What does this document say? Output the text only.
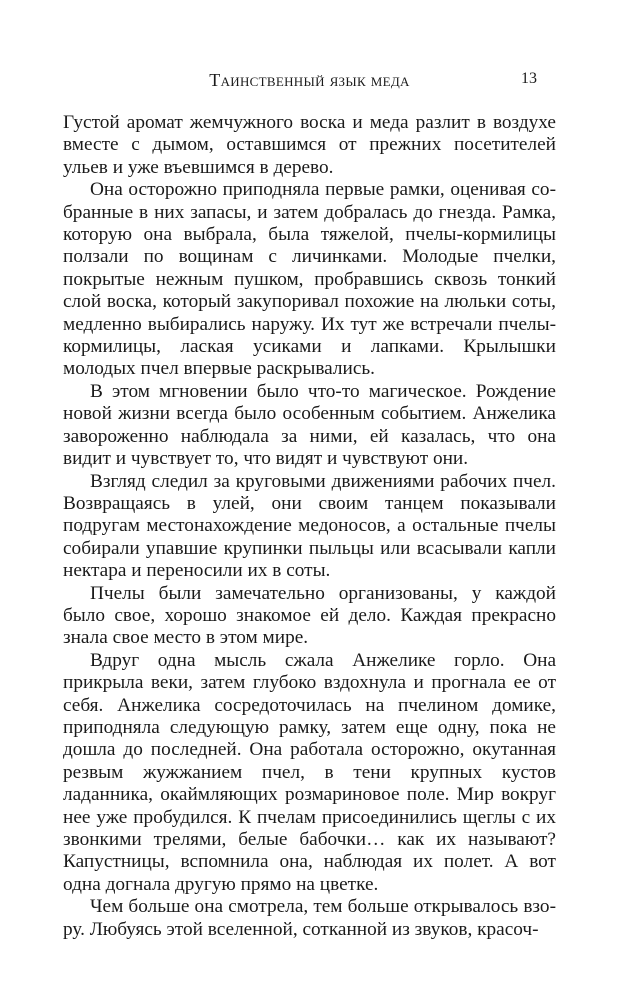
Таинственный язык меда	13

Густой аромат жемчужного воска и меда разлит в воздухе вместе с дымом, оставшимся от прежних посетителей ульев и уже въевшимся в дерево.

Она осторожно приподняла первые рамки, оценивая собранные в них запасы, и затем добралась до гнезда. Рамка, которую она выбрала, была тяжелой, пчелы-кормилицы ползали по вощинам с личинками. Молодые пчелки, покрытые нежным пушком, пробравшись сквозь тонкий слой воска, который закупоривал похожие на люльки соты, медленно выбирались наружу. Их тут же встречали пчелы-кормилицы, лаская усиками и лапками. Крылышки молодых пчел впервые раскрывались.

В этом мгновении было что-то магическое. Рождение новой жизни всегда было особенным событием. Анжелика завороженно наблюдала за ними, ей казалась, что она видит и чувствует то, что видят и чувствуют они.

Взгляд следил за круговыми движениями рабочих пчел. Возвращаясь в улей, они своим танцем показывали подругам местонахождение медоносов, а остальные пчелы собирали упавшие крупинки пыльцы или всасывали капли нектара и переносили их в соты.

Пчелы были замечательно организованы, у каждой было свое, хорошо знакомое ей дело. Каждая прекрасно знала свое место в этом мире.

Вдруг одна мысль сжала Анжелике горло. Она прикрыла веки, затем глубоко вздохнула и прогнала ее от себя. Анжелика сосредоточилась на пчелином домике, приподняла следующую рамку, затем еще одну, пока не дошла до последней. Она работала осторожно, окутанная резвым жужжанием пчел, в тени крупных кустов ладанника, окаймляющих розмариновое поле. Мир вокруг нее уже пробудился. К пчелам присоединились щеглы с их звонкими трелями, белые бабочки… как их называют? Капустницы, вспомнила она, наблюдая их полет. А вот одна догнала другую прямо на цветке.

Чем больше она смотрела, тем больше открывалось взору. Любуясь этой вселенной, сотканной из звуков, красоч-
